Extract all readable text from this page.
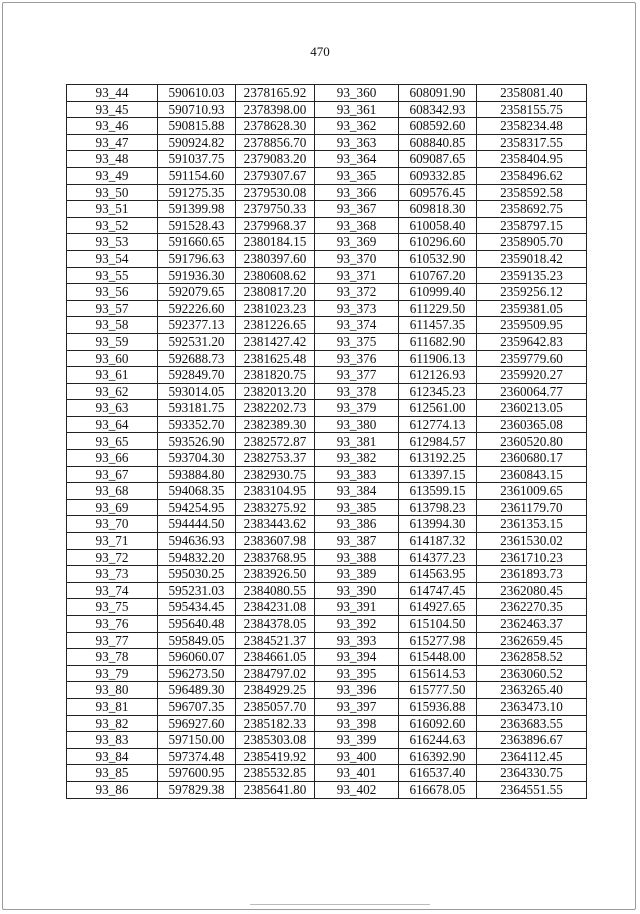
470
93_44	590610.03	2378165.92	93_360	608091.90	2358081.40
93_45	590710.93	2378398.00	93_361	608342.93	2358155.75
93_46	590815.88	2378628.30	93_362	608592.60	2358234.48
93_47	590924.82	2378856.70	93_363	608840.85	2358317.55
93_48	591037.75	2379083.20	93_364	609087.65	2358404.95
93_49	591154.60	2379307.67	93_365	609332.85	2358496.62
93_50	591275.35	2379530.08	93_366	609576.45	2358592.58
93_51	591399.98	2379750.33	93_367	609818.30	2358692.75
93_52	591528.43	2379968.37	93_368	610058.40	2358797.15
93_53	591660.65	2380184.15	93_369	610296.60	2358905.70
93_54	591796.63	2380397.60	93_370	610532.90	2359018.42
93_55	591936.30	2380608.62	93_371	610767.20	2359135.23
93_56	592079.65	2380817.20	93_372	610999.40	2359256.12
93_57	592226.60	2381023.23	93_373	611229.50	2359381.05
93_58	592377.13	2381226.65	93_374	611457.35	2359509.95
93_59	592531.20	2381427.42	93_375	611682.90	2359642.83
93_60	592688.73	2381625.48	93_376	611906.13	2359779.60
93_61	592849.70	2381820.75	93_377	612126.93	2359920.27
93_62	593014.05	2382013.20	93_378	612345.23	2360064.77
93_63	593181.75	2382202.73	93_379	612561.00	2360213.05
93_64	593352.70	2382389.30	93_380	612774.13	2360365.08
93_65	593526.90	2382572.87	93_381	612984.57	2360520.80
93_66	593704.30	2382753.37	93_382	613192.25	2360680.17
93_67	593884.80	2382930.75	93_383	613397.15	2360843.15
93_68	594068.35	2383104.95	93_384	613599.15	2361009.65
93_69	594254.95	2383275.92	93_385	613798.23	2361179.70
93_70	594444.50	2383443.62	93_386	613994.30	2361353.15
93_71	594636.93	2383607.98	93_387	614187.32	2361530.02
93_72	594832.20	2383768.95	93_388	614377.23	2361710.23
93_73	595030.25	2383926.50	93_389	614563.95	2361893.73
93_74	595231.03	2384080.55	93_390	614747.45	2362080.45
93_75	595434.45	2384231.08	93_391	614927.65	2362270.35
93_76	595640.48	2384378.05	93_392	615104.50	2362463.37
93_77	595849.05	2384521.37	93_393	615277.98	2362659.45
93_78	596060.07	2384661.05	93_394	615448.00	2362858.52
93_79	596273.50	2384797.02	93_395	615614.53	2363060.52
93_80	596489.30	2384929.25	93_396	615777.50	2363265.40
93_81	596707.35	2385057.70	93_397	615936.88	2363473.10
93_82	596927.60	2385182.33	93_398	616092.60	2363683.55
93_83	597150.00	2385303.08	93_399	616244.63	2363896.67
93_84	597374.48	2385419.92	93_400	616392.90	2364112.45
93_85	597600.95	2385532.85	93_401	616537.40	2364330.75
93_86	597829.38	2385641.80	93_402	616678.05	2364551.55
